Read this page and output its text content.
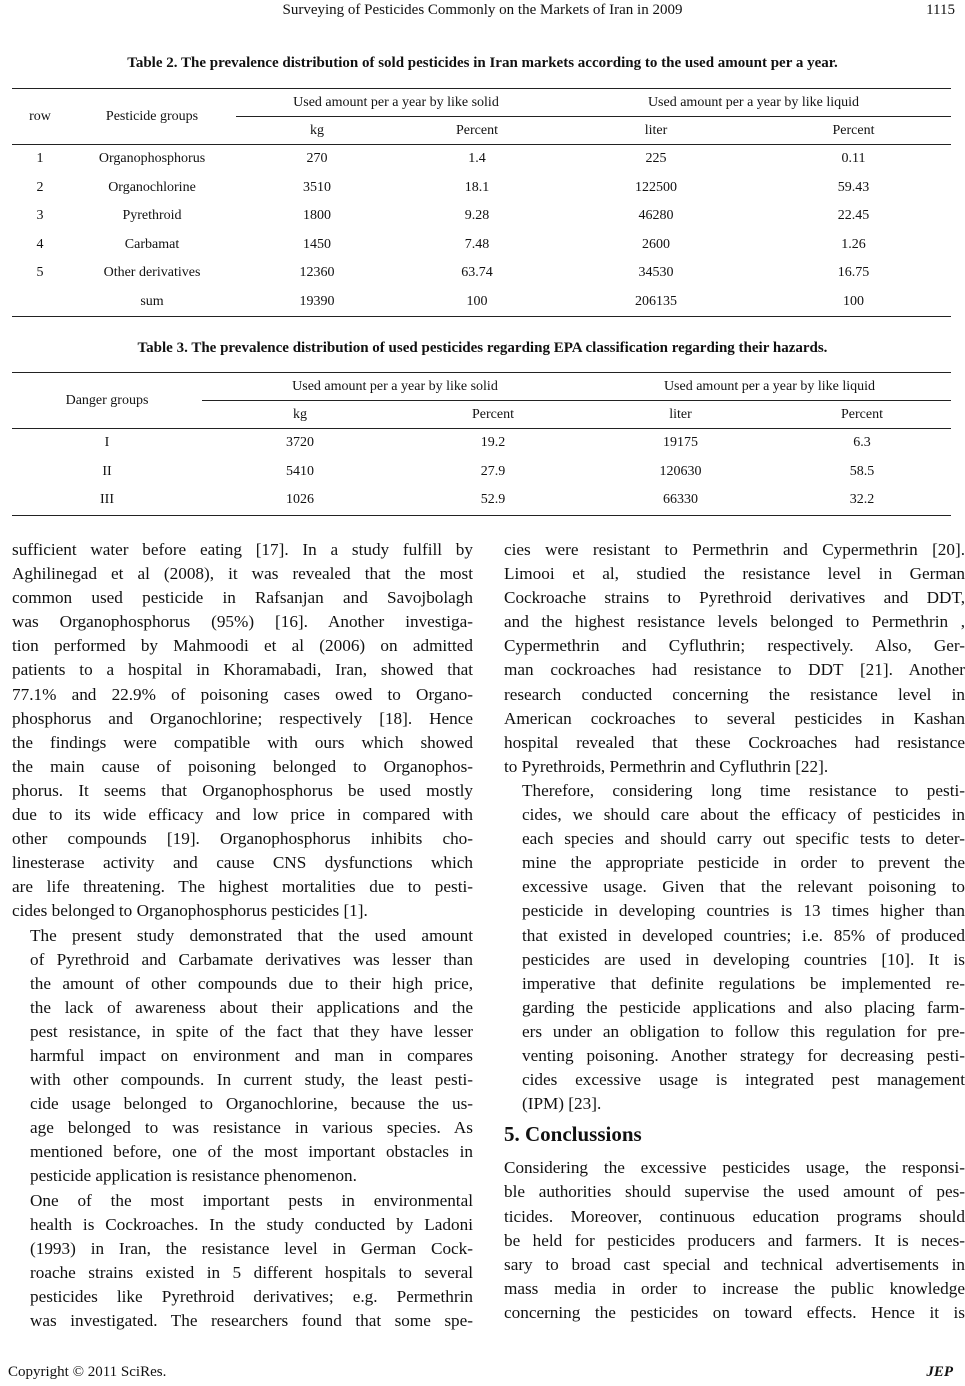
Surveying of Pesticides Commonly on the Markets of Iran in 2009	1115
Table 2. The prevalence distribution of sold pesticides in Iran markets according to the used amount per a year.
row	Pesticide groups	Used amount per a year by like solid		Used amount per a year by like liquid	
		kg	Percent	liter	Percent
1	Organophosphorus	270	1.4	225	0.11
2	Organochlorine	3510	18.1	122500	59.43
3	Pyrethroid	1800	9.28	46280	22.45
4	Carbamat	1450	7.48	2600	1.26
5	Other derivatives	12360	63.74	34530	16.75
	sum	19390	100	206135	100
Table 3. The prevalence distribution of used pesticides regarding EPA classification regarding their hazards.
Danger groups	Used amount per a year by like solid		Used amount per a year by like liquid	
	kg	Percent	liter	Percent
I	3720	19.2	19175	6.3
II	5410	27.9	120630	58.5
III	1026	52.9	66330	32.2

sufficient water before eating [17]. In a study fulfill by
Aghilinegad et al (2008), it was revealed that the most
common used pesticide in Rafsanjan and Savojbolagh
was Organophosphorus (95%) [16]. Another investiga-
tion performed by Mahmoodi et al (2006) on admitted
patients to a hospital in Khoramabadi, Iran, showed that
77.1% and 22.9% of poisoning cases owed to Organo-
phosphorus and Organochlorine; respectively [18]. Hence
the findings were compatible with ours which showed
the main cause of poisoning belonged to Organophos-
phorus. It seems that Organophosphorus be used mostly
due to its wide efficacy and low price in compared with
other compounds [19]. Organophosphorus inhibits cho-
linesterase activity and cause CNS dysfunctions which
are life threatening. The highest mortalities due to pesti-
cides belonged to Organophosphorus pesticides [1].

The present study demonstrated that the used amount
of Pyrethroid and Carbamate derivatives was lesser than
the amount of other compounds due to their high price,
the lack of awareness about their applications and the
pest resistance, in spite of the fact that they have lesser
harmful impact on environment and man in compares
with other compounds. In current study, the least pesti-
cide usage belonged to Organochlorine, because the us-
age belonged to was resistance in various species. As
mentioned before, one of the most important obstacles in
pesticide application is resistance phenomenon.

One of the most important pests in environmental
health is Cockroaches. In the study conducted by Ladoni
(1993) in Iran, the resistance level in German Cock-
roache strains existed in 5 different hospitals to several
pesticides like Pyrethroid derivatives; e.g. Permethrin
was investigated. The researchers found that some spe-

cies were resistant to Permethrin and Cypermethrin [20].
Limooi et al, studied the resistance level in German
Cockroache strains to Pyrethroid derivatives and DDT,
and the highest resistance levels belonged to Permethrin ,
Cypermethrin and Cyfluthrin; respectively. Also, Ger-
man cockroaches had resistance to DDT [21]. Another
research conducted concerning the resistance level in
American cockroaches to several pesticides in Kashan
hospital revealed that these Cockroaches had resistance
to Pyrethroids, Permethrin and Cyfluthrin [22].

Therefore, considering long time resistance to pesti-
cides, we should care about the efficacy of pesticides in
each species and should carry out specific tests to deter-
mine the appropriate pesticide in order to prevent the
excessive usage. Given that the relevant poisoning to
pesticide in developing countries is 13 times higher than
that existed in developed countries; i.e. 85% of produced
pesticides are used in developing countries [10]. It is
imperative that definite regulations be implemented re-
garding the pesticide applications and also placing farm-
ers under an obligation to follow this regulation for pre-
venting poisoning. Another strategy for decreasing pesti-
cides excessive usage is integrated pest management
(IPM) [23].

5. Conclussions

Considering the excessive pesticides usage, the responsi-
ble authorities should supervise the used amount of pes-
ticides. Moreover, continuous education programs should
be held for pesticides producers and farmers. It is neces-
sary to broad cast special and technical advertisements in
mass media in order to increase the public knowledge
concerning the pesticides on toward effects. Hence it is

Copyright © 2011 SciRes.	JEP
